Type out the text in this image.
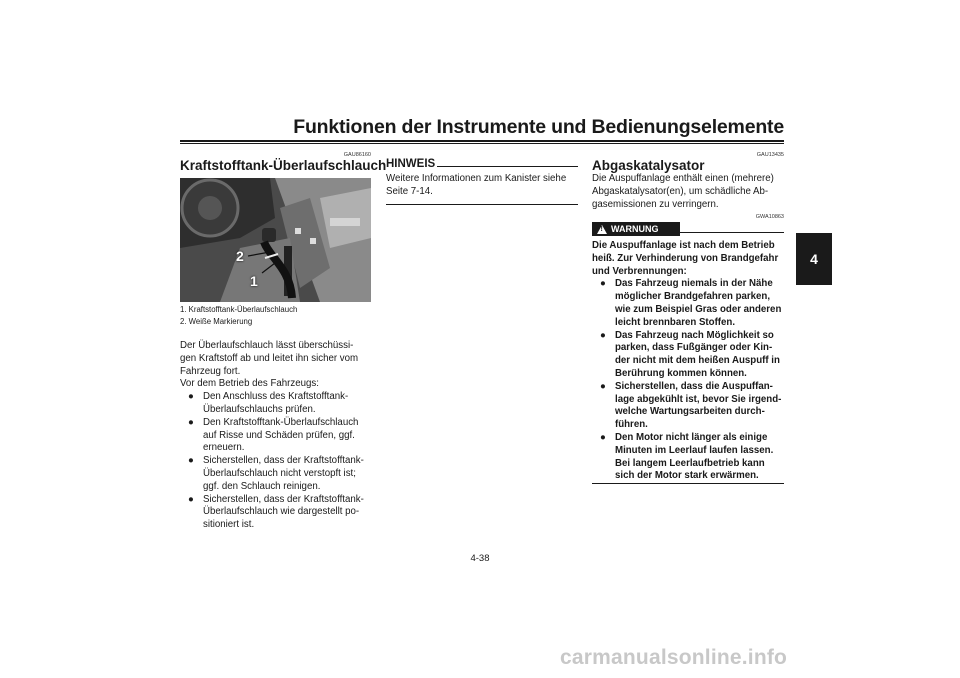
Funktionen der Instrumente und Bedienungselemente
4
GAU86160
Kraftstofftank-Überlaufschlauch
2
1
1. Kraftstofftank-Überlaufschlauch
2. Weiße Markierung
Der Überlaufschlauch lässt überschüssi-
gen Kraftstoff ab und leitet ihn sicher vom
Fahrzeug fort.
Vor dem Betrieb des Fahrzeugs:
● Den Anschluss des Kraftstofftank-
Überlaufschlauchs prüfen.
● Den Kraftstofftank-Überlaufschlauch
auf Risse und Schäden prüfen, ggf.
erneuern.
● Sicherstellen, dass der Kraftstofftank-
Überlaufschlauch nicht verstopft ist;
ggf. den Schlauch reinigen.
● Sicherstellen, dass der Kraftstofftank-
Überlaufschlauch wie dargestellt po-
sitioniert ist.
HINWEIS
Weitere Informationen zum Kanister siehe
Seite 7-14.
GAU13435
Abgaskatalysator
Die Auspuffanlage enthält einen (mehrere)
Abgaskatalysator(en), um schädliche Ab-
gasemissionen zu verringern.
GWA10863
! WARNUNG
Die Auspuffanlage ist nach dem Betrieb
heiß. Zur Verhinderung von Brandgefahr
und Verbrennungen:
● Das Fahrzeug niemals in der Nähe
möglicher Brandgefahren parken,
wie zum Beispiel Gras oder anderen
leicht brennbaren Stoffen.
● Das Fahrzeug nach Möglichkeit so
parken, dass Fußgänger oder Kin-
der nicht mit dem heißen Auspuff in
Berührung kommen können.
● Sicherstellen, dass die Auspuffan-
lage abgekühlt ist, bevor Sie irgend-
welche Wartungsarbeiten durch-
führen.
● Den Motor nicht länger als einige
Minuten im Leerlauf laufen lassen.
Bei langem Leerlaufbetrieb kann
sich der Motor stark erwärmen.
4-38
carmanualsonline.info
